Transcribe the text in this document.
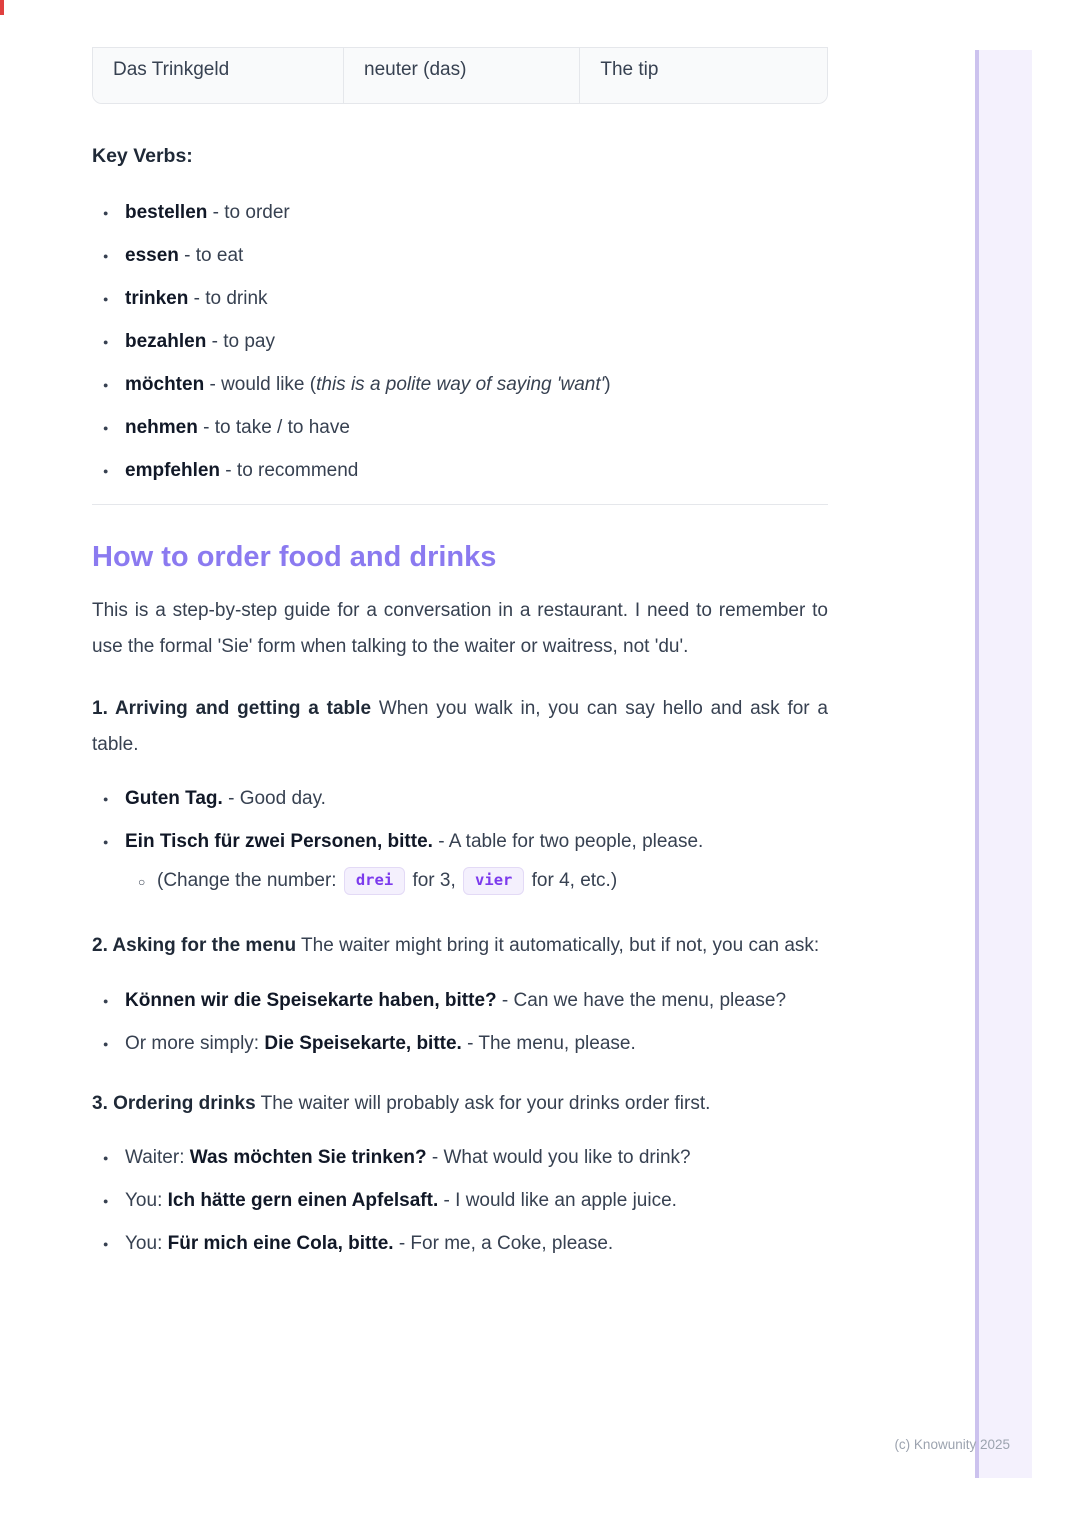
Das Trinkgeld	neuter (das)	The tip

Key Verbs:

● bestellen - to order
● essen - to eat
● trinken - to drink
● bezahlen - to pay
● möchten - would like (this is a polite way of saying 'want')
● nehmen - to take / to have
● empfehlen - to recommend
How to order food and drinks

This is a step-by-step guide for a conversation in a restaurant. I need to remember to use the formal 'Sie' form when talking to the waiter or waitress, not 'du'.

1. Arriving and getting a table When you walk in, you can say hello and ask for a table.

● Guten Tag. - Good day.
● Ein Tisch für zwei Personen, bitte. - A table for two people, please.
○ (Change the number: drei for 3, vier for 4, etc.)

2. Asking for the menu The waiter might bring it automatically, but if not, you can ask:

● Können wir die Speisekarte haben, bitte? - Can we have the menu, please?
● Or more simply: Die Speisekarte, bitte. - The menu, please.

3. Ordering drinks The waiter will probably ask for your drinks order first.

● Waiter: Was möchten Sie trinken? - What would you like to drink?
● You: Ich hätte gern einen Apfelsaft. - I would like an apple juice.
● You: Für mich eine Cola, bitte. - For me, a Coke, please.
(c) Knowunity 2025
